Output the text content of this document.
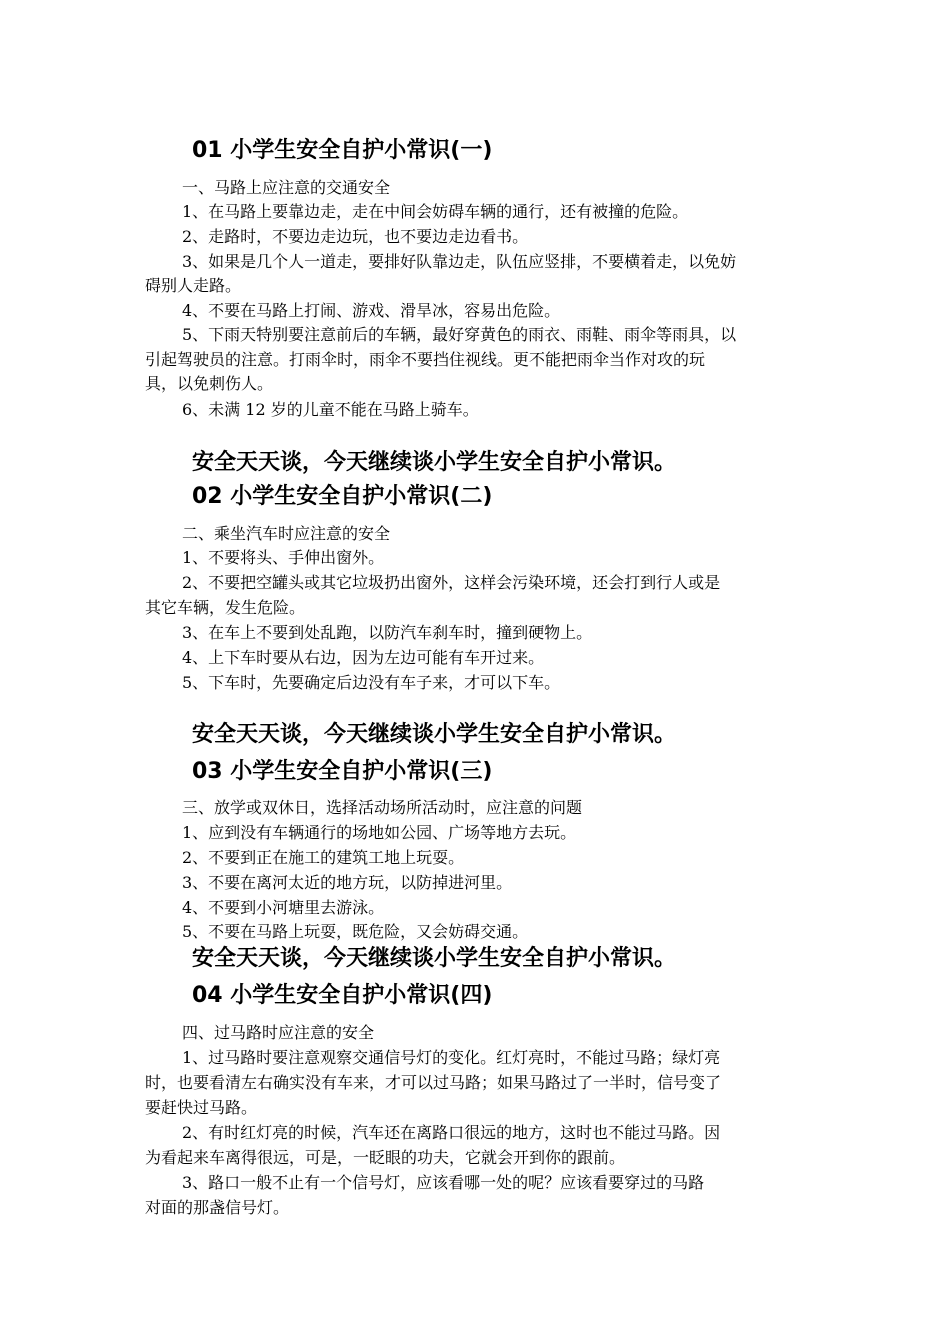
01 小学生安全自护小常识(一)
一、马路上应注意的交通安全
1、在马路上要靠边走，走在中间会妨碍车辆的通行，还有被撞的危险。
2、走路时，不要边走边玩，也不要边走边看书。
3、如果是几个人一道走，要排好队靠边走，队伍应竖排，不要横着走，以免妨
碍别人走路。
4、不要在马路上打闹、游戏、滑旱冰，容易出危险。
5、下雨天特别要注意前后的车辆，最好穿黄色的雨衣、雨鞋、雨伞等雨具，以
引起驾驶员的注意。打雨伞时，雨伞不要挡住视线。更不能把雨伞当作对攻的玩
具，以免刺伤人。
6、未满 12 岁的儿童不能在马路上骑车。
安全天天谈，今天继续谈小学生安全自护小常识。
02 小学生安全自护小常识(二)
二、乘坐汽车时应注意的安全
1、不要将头、手伸出窗外。
2、不要把空罐头或其它垃圾扔出窗外，这样会污染环境，还会打到行人或是
其它车辆，发生危险。
3、在车上不要到处乱跑，以防汽车刹车时，撞到硬物上。
4、上下车时要从右边，因为左边可能有车开过来。
5、下车时，先要确定后边没有车子来，才可以下车。
安全天天谈，今天继续谈小学生安全自护小常识。
03 小学生安全自护小常识(三)
三、放学或双休日，选择活动场所活动时，应注意的问题
1、应到没有车辆通行的场地如公园、广场等地方去玩。
2、不要到正在施工的建筑工地上玩耍。
3、不要在离河太近的地方玩，以防掉进河里。
4、不要到小河塘里去游泳。
5、不要在马路上玩耍，既危险，又会妨碍交通。
安全天天谈，今天继续谈小学生安全自护小常识。
04 小学生安全自护小常识(四)
四、过马路时应注意的安全
1、过马路时要注意观察交通信号灯的变化。红灯亮时，不能过马路；绿灯亮
时，也要看清左右确实没有车来，才可以过马路；如果马路过了一半时，信号变了
要赶快过马路。
2、有时红灯亮的时候，汽车还在离路口很远的地方，这时也不能过马路。因
为看起来车离得很远，可是，一眨眼的功夫，它就会开到你的跟前。
3、路口一般不止有一个信号灯，应该看哪一处的呢？应该看要穿过的马路
对面的那盏信号灯。
